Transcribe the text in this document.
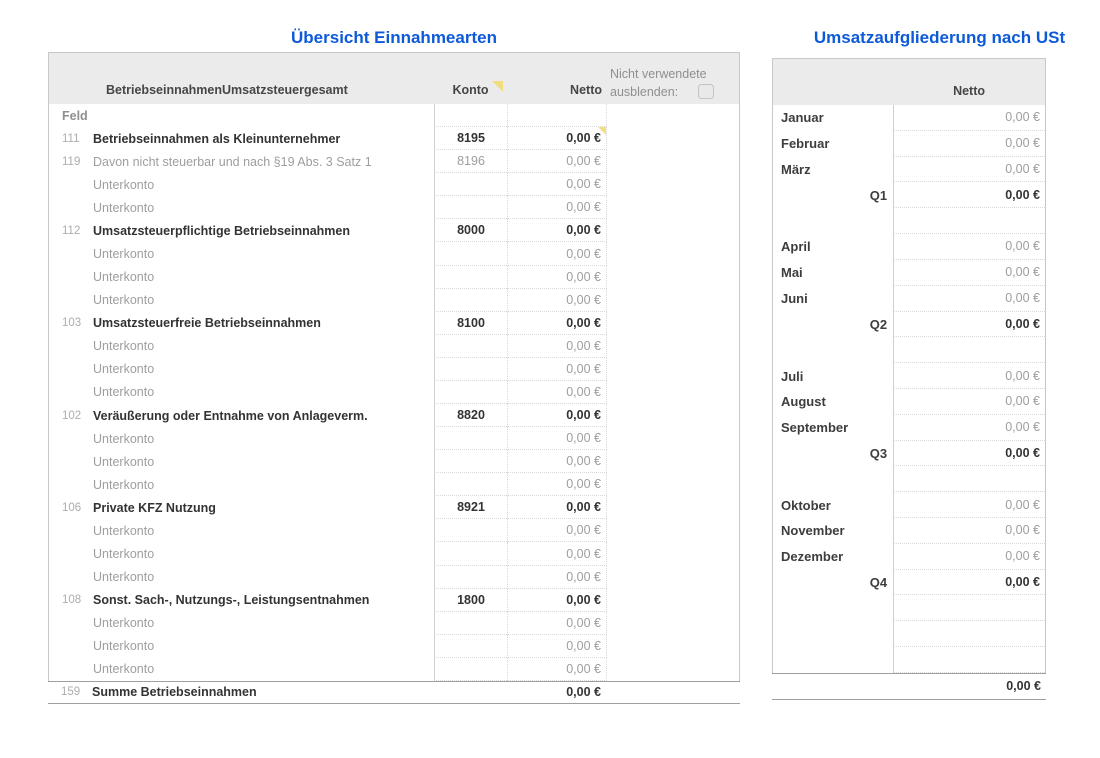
Übersicht Einnahmearten	Umsatzaufgliederung nach USt
BetriebseinnahmenUmsatzsteuergesamt	Konto	Netto
Nicht verwendete
ausblenden:
Feld
111	Betriebseinnahmen als Kleinunternehmer	8195	0,00 €
119	Davon nicht steuerbar und nach §19 Abs. 3 Satz 1	8196	0,00 €
Unterkonto	0,00 €
Unterkonto	0,00 €
112	Umsatzsteuerpflichtige Betriebseinnahmen	8000	0,00 €
Unterkonto	0,00 €
Unterkonto	0,00 €
Unterkonto	0,00 €
103 Umsatzsteuerfreie Betriebseinnahmen	8100	0,00 €
Unterkonto	0,00 €
Unterkonto	0,00 €
Unterkonto	0,00 €
102 Veräußerung oder Entnahme von Anlageverm.	8820	0,00 €
Unterkonto	0,00 €
Unterkonto	0,00 €
Unterkonto	0,00 €
106 Private KFZ Nutzung	8921	0,00 €
Unterkonto	0,00 €
Unterkonto	0,00 €
Unterkonto	0,00 €
108 Sonst. Sach-, Nutzungs-, Leistungsentnahmen	1800	0,00 €
Unterkonto	0,00 €
Unterkonto	0,00 €
Unterkonto	0,00 €
159 Summe Betriebseinnahmen	0,00 €
Netto
Januar	0,00 €
Februar	0,00 €
März	0,00 €
Q1	0,00 €
April	0,00 €
Mai	0,00 €
Juni	0,00 €
Q2	0,00 €
Juli	0,00 €
August	0,00 €
September	0,00 €
Q3	0,00 €
Oktober	0,00 €
November	0,00 €
Dezember	0,00 €
Q4	0,00 €
0,00 €
